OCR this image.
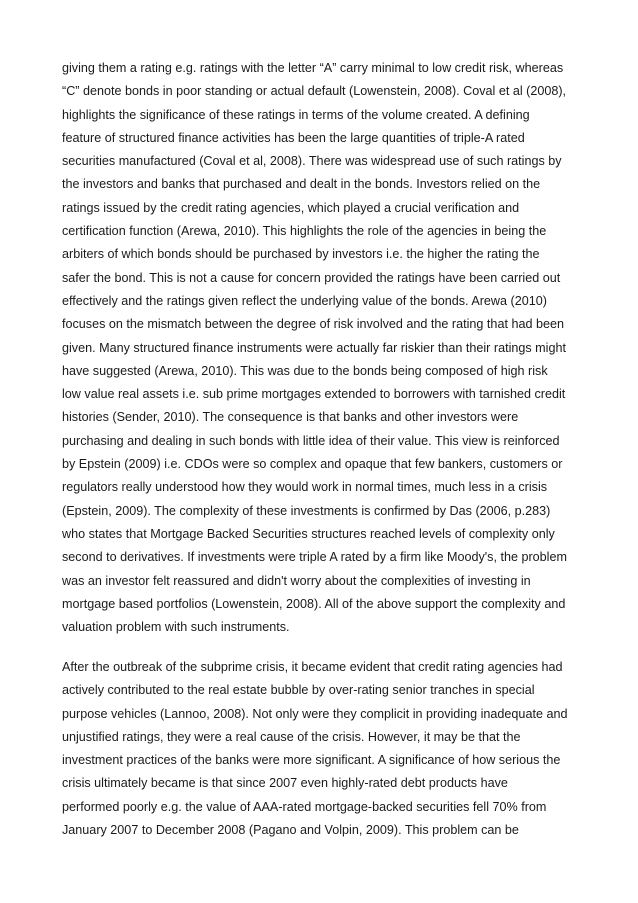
giving them a rating e.g. ratings with the letter “A” carry minimal to low credit risk, whereas
“C” denote bonds in poor standing or actual default (Lowenstein, 2008). Coval et al (2008),
highlights the significance of these ratings in terms of the volume created. A defining
feature of structured finance activities has been the large quantities of triple-A rated
securities manufactured (Coval et al, 2008). There was widespread use of such ratings by
the investors and banks that purchased and dealt in the bonds. Investors relied on the
ratings issued by the credit rating agencies, which played a crucial verification and
certification function (Arewa, 2010). This highlights the role of the agencies in being the
arbiters of which bonds should be purchased by investors i.e. the higher the rating the
safer the bond. This is not a cause for concern provided the ratings have been carried out
effectively and the ratings given reflect the underlying value of the bonds. Arewa (2010)
focuses on the mismatch between the degree of risk involved and the rating that had been
given. Many structured finance instruments were actually far riskier than their ratings might
have suggested (Arewa, 2010). This was due to the bonds being composed of high risk
low value real assets i.e. sub prime mortgages extended to borrowers with tarnished credit
histories (Sender, 2010). The consequence is that banks and other investors were
purchasing and dealing in such bonds with little idea of their value. This view is reinforced
by Epstein (2009) i.e. CDOs were so complex and opaque that few bankers, customers or
regulators really understood how they would work in normal times, much less in a crisis
(Epstein, 2009). The complexity of these investments is confirmed by Das (2006, p.283)
who states that Mortgage Backed Securities structures reached levels of complexity only
second to derivatives. If investments were triple A rated by a firm like Moody's, the problem
was an investor felt reassured and didn't worry about the complexities of investing in
mortgage based portfolios (Lowenstein, 2008). All of the above support the complexity and
valuation problem with such instruments.
After the outbreak of the subprime crisis, it became evident that credit rating agencies had
actively contributed to the real estate bubble by over-rating senior tranches in special
purpose vehicles (Lannoo, 2008). Not only were they complicit in providing inadequate and
unjustified ratings, they were a real cause of the crisis. However, it may be that the
investment practices of the banks were more significant. A significance of how serious the
crisis ultimately became is that since 2007 even highly-rated debt products have
performed poorly e.g. the value of AAA-rated mortgage-backed securities fell 70% from
January 2007 to December 2008 (Pagano and Volpin, 2009). This problem can be
